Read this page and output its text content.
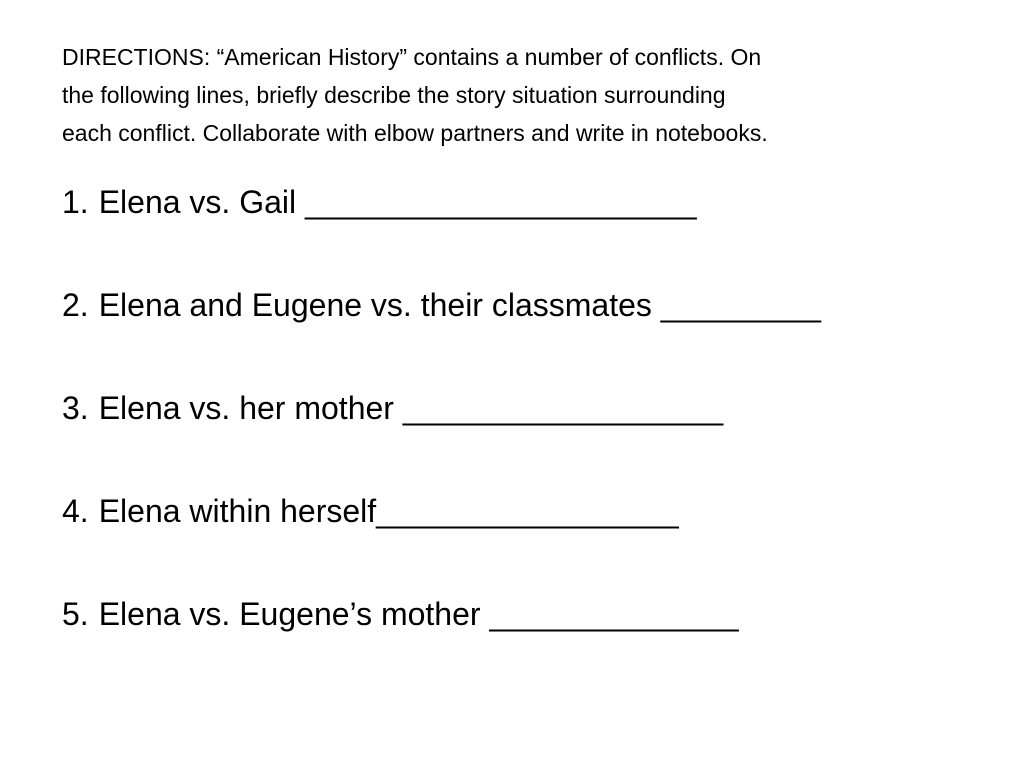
DIRECTIONS: “American History” contains a number of conflicts. On
the following lines, briefly describe the story situation surrounding
each conflict. Collaborate with elbow partners and write in notebooks.

1. Elena vs. Gail ______________________
2. Elena and Eugene vs. their classmates _________
3. Elena vs. her mother __________________
4. Elena within herself_________________
5. Elena vs. Eugene’s mother ______________
